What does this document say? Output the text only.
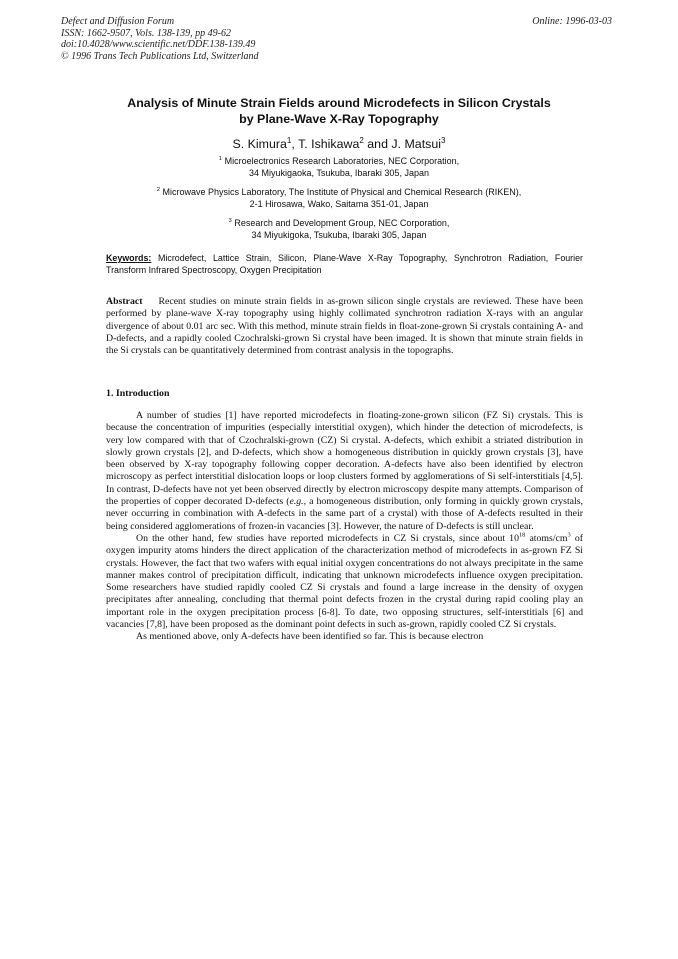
Defect and Diffusion Forum
ISSN: 1662-9507, Vols. 138-139, pp 49-62
doi:10.4028/www.scientific.net/DDF.138-139.49
© 1996 Trans Tech Publications Ltd, Switzerland
Online: 1996-03-03
Analysis of Minute Strain Fields around Microdefects in Silicon Crystals
by Plane-Wave X-Ray Topography
S. Kimura$^1$, T. Ishikawa$^2$ and J. Matsui$^3$
$^1$ Microelectronics Research Laboratories, NEC Corporation,
34 Miyukigaoka, Tsukuba, Ibaraki 305, Japan
$^2$ Microwave Physics Laboratory, The Institute of Physical and Chemical Research (RIKEN),
2-1 Hirosawa, Wako, Saitama 351-01, Japan
$^3$ Research and Development Group, NEC Corporation,
34 Miyukigoka, Tsukuba, Ibaraki 305, Japan
Keywords: Microdefect, Lattice Strain, Silicon, Plane-Wave X-Ray Topography, Synchrotron Radiation, Fourier Transform Infrared Spectroscopy, Oxygen Precipitation
Abstract Recent studies on minute strain fields in as-grown silicon single crystals are reviewed. These have been performed by plane-wave X-ray topography using highly collimated synchrotron radiation X-rays with an angular divergence of about 0.01 arc sec. With this method, minute strain fields in float-zone-grown Si crystals containing A- and D-defects, and a rapidly cooled Czochralski-grown Si crystal have been imaged. It is shown that minute strain fields in the Si crystals can be quantitatively determined from contrast analysis in the topographs.
1. Introduction

A number of studies [1] have reported microdefects in floating-zone-grown silicon (FZ Si) crystals. This is because the concentration of impurities (especially interstitial oxygen), which hinder the detection of microdefects, is very low compared with that of Czochralski-grown (CZ) Si crystal. A-defects, which exhibit a striated distribution in slowly grown crystals [2], and D-defects, which show a homogeneous distribution in quickly grown crystals [3], have been observed by X-ray topography following copper decoration. A-defects have also been identified by electron microscopy as perfect interstitial dislocation loops or loop clusters formed by agglomerations of Si self-interstitials [4,5]. In contrast, D-defects have not yet been observed directly by electron microscopy despite many attempts. Comparison of the properties of copper decorated D-defects (e.g., a homogeneous distribution, only forming in quickly grown crystals, never occurring in combination with A-defects in the same part of a crystal) with those of A-defects resulted in their being considered agglomerations of frozen-in vacancies [3]. However, the nature of D-defects is still unclear.

On the other hand, few studies have reported microdefects in CZ Si crystals, since about $10^{18}$ atoms/$cm^3$ of oxygen impurity atoms hinders the direct application of the characterization method of microdefects in as-grown FZ Si crystals. However, the fact that two wafers with equal initial oxygen concentrations do not always precipitate in the same manner makes control of precipitation difficult, indicating that unknown microdefects influence oxygen precipitation. Some researchers have studied rapidly cooled CZ Si crystals and found a large increase in the density of oxygen precipitates after annealing, concluding that thermal point defects frozen in the crystal during rapid cooling play an important role in the oxygen precipitation process [6-8]. To date, two opposing structures, self-interstitials [6] and vacancies [7,8], have been proposed as the dominant point defects in such as-grown, rapidly cooled CZ Si crystals.

As mentioned above, only A-defects have been identified so far. This is because electron
